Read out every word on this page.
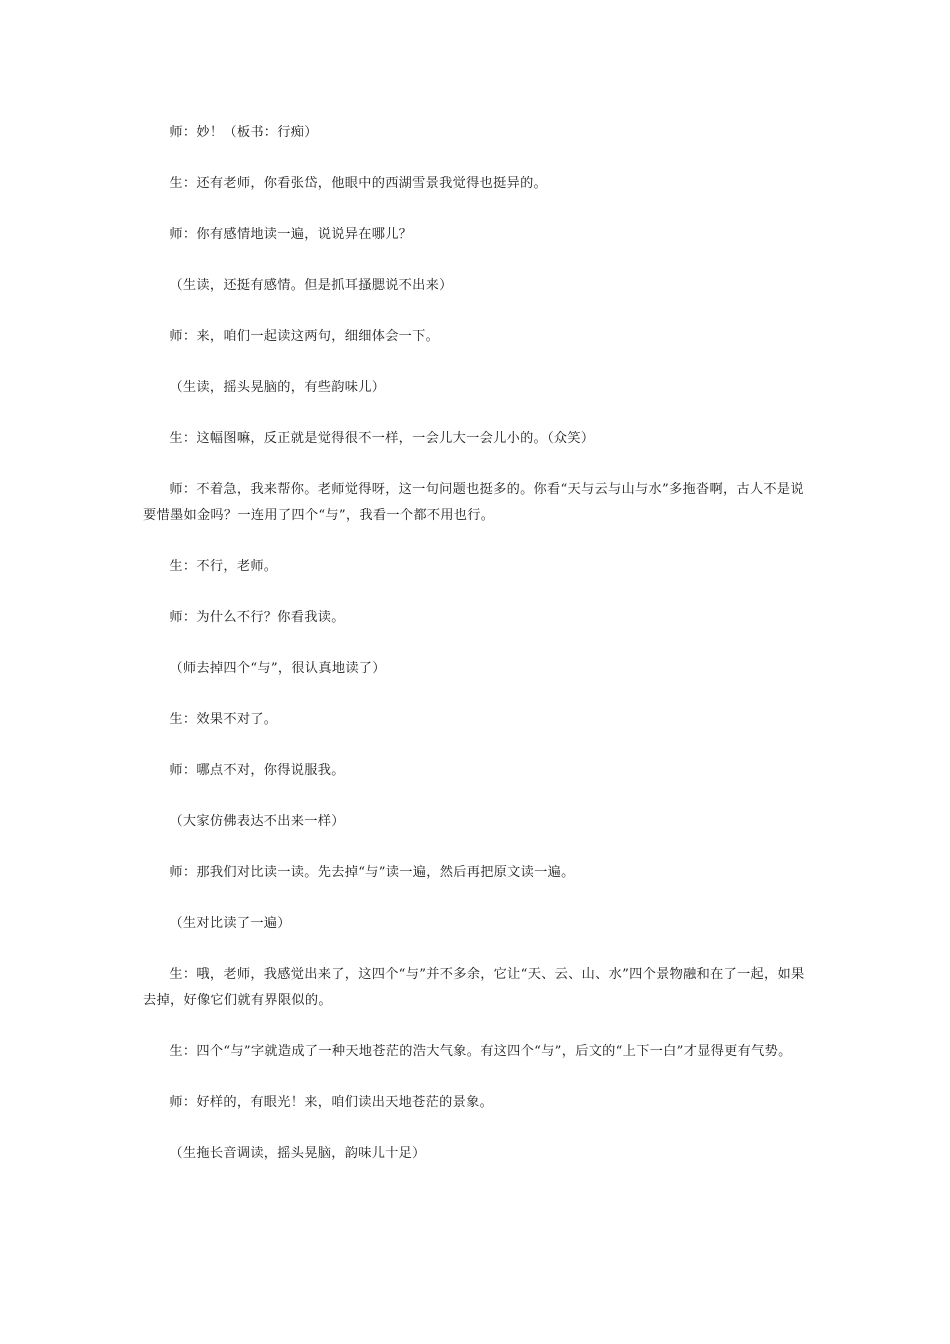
师：妙！（板书：行痴）

生：还有老师，你看张岱，他眼中的西湖雪景我觉得也挺异的。

师：你有感情地读一遍，说说异在哪儿？

（生读，还挺有感情。但是抓耳搔腮说不出来）

师：来，咱们一起读这两句，细细体会一下。

（生读，摇头晃脑的，有些韵味儿）

生：这幅图嘛，反正就是觉得很不一样，一会儿大一会儿小的。（众笑）

师：不着急，我来帮你。老师觉得呀，这一句问题也挺多的。你看“天与云与山与水”多拖沓啊，古人不是说要惜墨如金吗？一连用了四个“与”，我看一个都不用也行。

生：不行，老师。

师：为什么不行？你看我读。

（师去掉四个“与”，很认真地读了）

生：效果不对了。

师：哪点不对，你得说服我。

（大家仿佛表达不出来一样）

师：那我们对比读一读。先去掉“与”读一遍，然后再把原文读一遍。

（生对比读了一遍）

生：哦，老师，我感觉出来了，这四个“与”并不多余，它让“天、云、山、水”四个景物融和在了一起，如果去掉，好像它们就有界限似的。

生：四个“与”字就造成了一种天地苍茫的浩大气象。有这四个“与”，后文的“上下一白”才显得更有气势。

师：好样的，有眼光！来，咱们读出天地苍茫的景象。

（生拖长音调读，摇头晃脑，韵味儿十足）
